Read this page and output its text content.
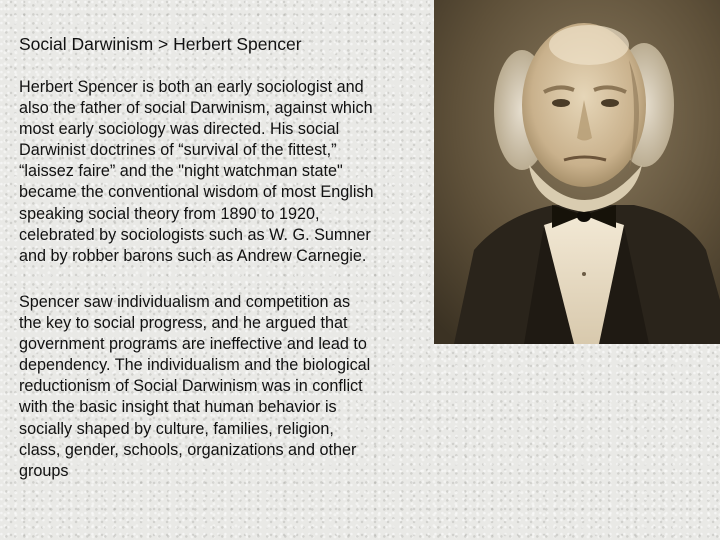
Social Darwinism > Herbert Spencer

Herbert Spencer is both an early sociologist and
also the father of social Darwinism, against which
most early sociology was directed. His social
Darwinist doctrines of “survival of the fittest,”
“laissez faire” and the "night watchman state"
became the conventional wisdom of most English
speaking social theory from 1890 to 1920,
celebrated by sociologists such as W. G. Sumner
and by robber barons such as Andrew Carnegie.

Spencer saw individualism and competition as
the key to social progress, and he argued that
government programs are ineffective and lead to
dependency. The individualism and the biological
reductionism of Social Darwinism was in conflict
with the basic insight that human behavior is
socially shaped by culture, families, religion,
class, gender, schools, organizations and other
groups
